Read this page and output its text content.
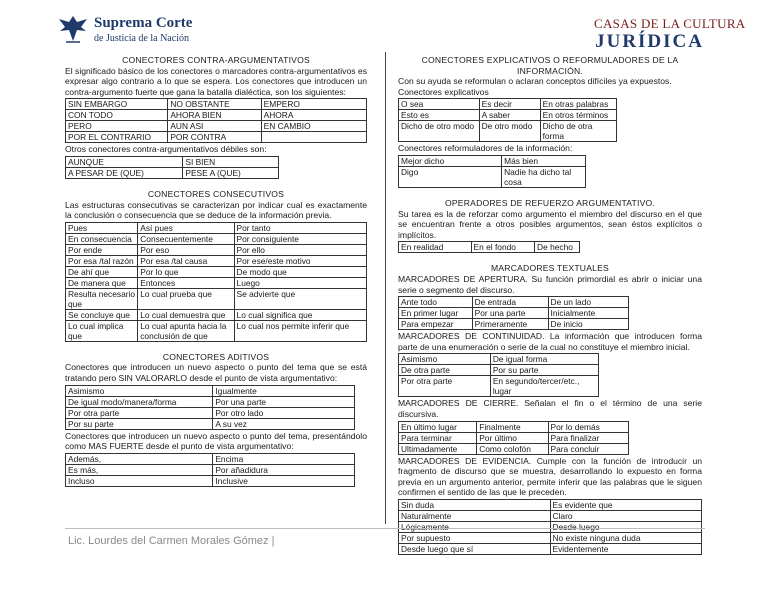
Suprema Corte
de Justicia de la Nación
CASAS DE LA CULTURA
JURÍDICA
CONECTORES CONTRA-ARGUMENTATIVOS

El significado básico de los conectores o marcadores contra-argumentativos es expresar algo contrario a lo que se espera. Los conectores que introducen un contra-argumento fuerte que gana la batalla dialéctica, son los siguientes:

SIN EMBARGO	NO OBSTANTE	EMPERO
CON TODO	AHORA BIEN	AHORA
PERO	AUN ASI	EN CAMBIO
POR EL CONTRARIO	POR CONTRA	

Otros conectores contra-argumentativos débiles son:

AUNQUE	SI BIEN
A PESAR DE (QUE)	PESE A (QUE)
CONECTORES CONSECUTIVOS

Las estructuras consecutivas se caracterizan por indicar cual es exactamente la conclusión o consecuencia que se deduce de la información previa.

Pues	Así pues	Por tanto
En consecuencia	Consecuentemente	Por consiguiente
Por ende	Por eso	Por ello
Por esa /tal razón	Por esa /tal causa	Por ese/este motivo
De ahí que	Por lo que	De modo que
De manera que	Entonces	Luego
Resulta necesario que	Lo cual prueba que	Se advierte que
Se concluye que	Lo cual demuestra que	Lo cual significa que
Lo cual implica que	Lo cual apunta hacia la conclusión de que	Lo cual nos permite inferir que
CONECTORES ADITIVOS

Conectores que introducen un nuevo aspecto o punto del tema que se está tratando pero SIN VALORARLO desde el punto de vista argumentativo:

Asimismo	Igualmente
De igual modo/manera/forma	Por una parte
Por otra parte	Por otro lado
Por su parte	A su vez

Conectores que introducen un nuevo aspecto o punto del tema, presentándolo como MAS FUERTE desde el punto de vista argumentativo:

Además,	Encima
Es más,	Por añadidura
Incluso	Inclusive
CONECTORES EXPLICATIVOS O REFORMULADORES DE LA INFORMACIÓN.

Con su ayuda se reformulan o aclaran conceptos difíciles ya expuestos.

Conectores explicativos

O sea	Es decir	En otras palabras
Esto es	A saber	En otros términos
Dicho de otro modo	De otro modo	Dicho de otra forma

Conectores reformuladores de la información:

Mejor dicho	Más bien
Digo	Nadie ha dicho tal cosa
OPERADORES DE REFUERZO ARGUMENTATIVO.

Su tarea es la de reforzar como argumento el miembro del discurso en el que se encuentran frente a otros posibles argumentos, sean éstos explícitos o implícitos.

En realidad	En el fondo	De hecho
MARCADORES TEXTUALES

MARCADORES DE APERTURA. Su función primordial es abrir o iniciar una serie o segmento del discurso.

Ante todo	De entrada	De un lado
En primer lugar	Por una parte	Inicialmente
Para empezar	Primeramente	De inicio

MARCADORES DE CONTINUIDAD. La información que introducen forma parte de una enumeración o serie de la cual no constituye el miembro inicial.

Asimismo	De igual forma
De otra parte	Por su parte
Por otra parte	En segundo/tercer/etc., lugar

MARCADORES DE CIERRE. Señalan el fin o el término de una serie discursiva.

En último lugar	Finalmente	Por lo demás
Para terminar	Por último	Para finalizar
Ultimadamente	Como colofón	Para concluir

MARCADORES DE EVIDENCIA. Cumple con la función de introducir un fragmento de discurso que se muestra, desarrollando lo expuesto en forma previa en un argumento anterior, permite inferir que las palabras que le siguen confirmen el sentido de las que le preceden.

Sin duda	Es evidente que
Naturalmente	Claro
Lógicamente	Desde luego
Por supuesto	No existe ninguna duda
Desde luego que sí	Evidentemente
Lic. Lourdes del Carmen Morales Gómez |
